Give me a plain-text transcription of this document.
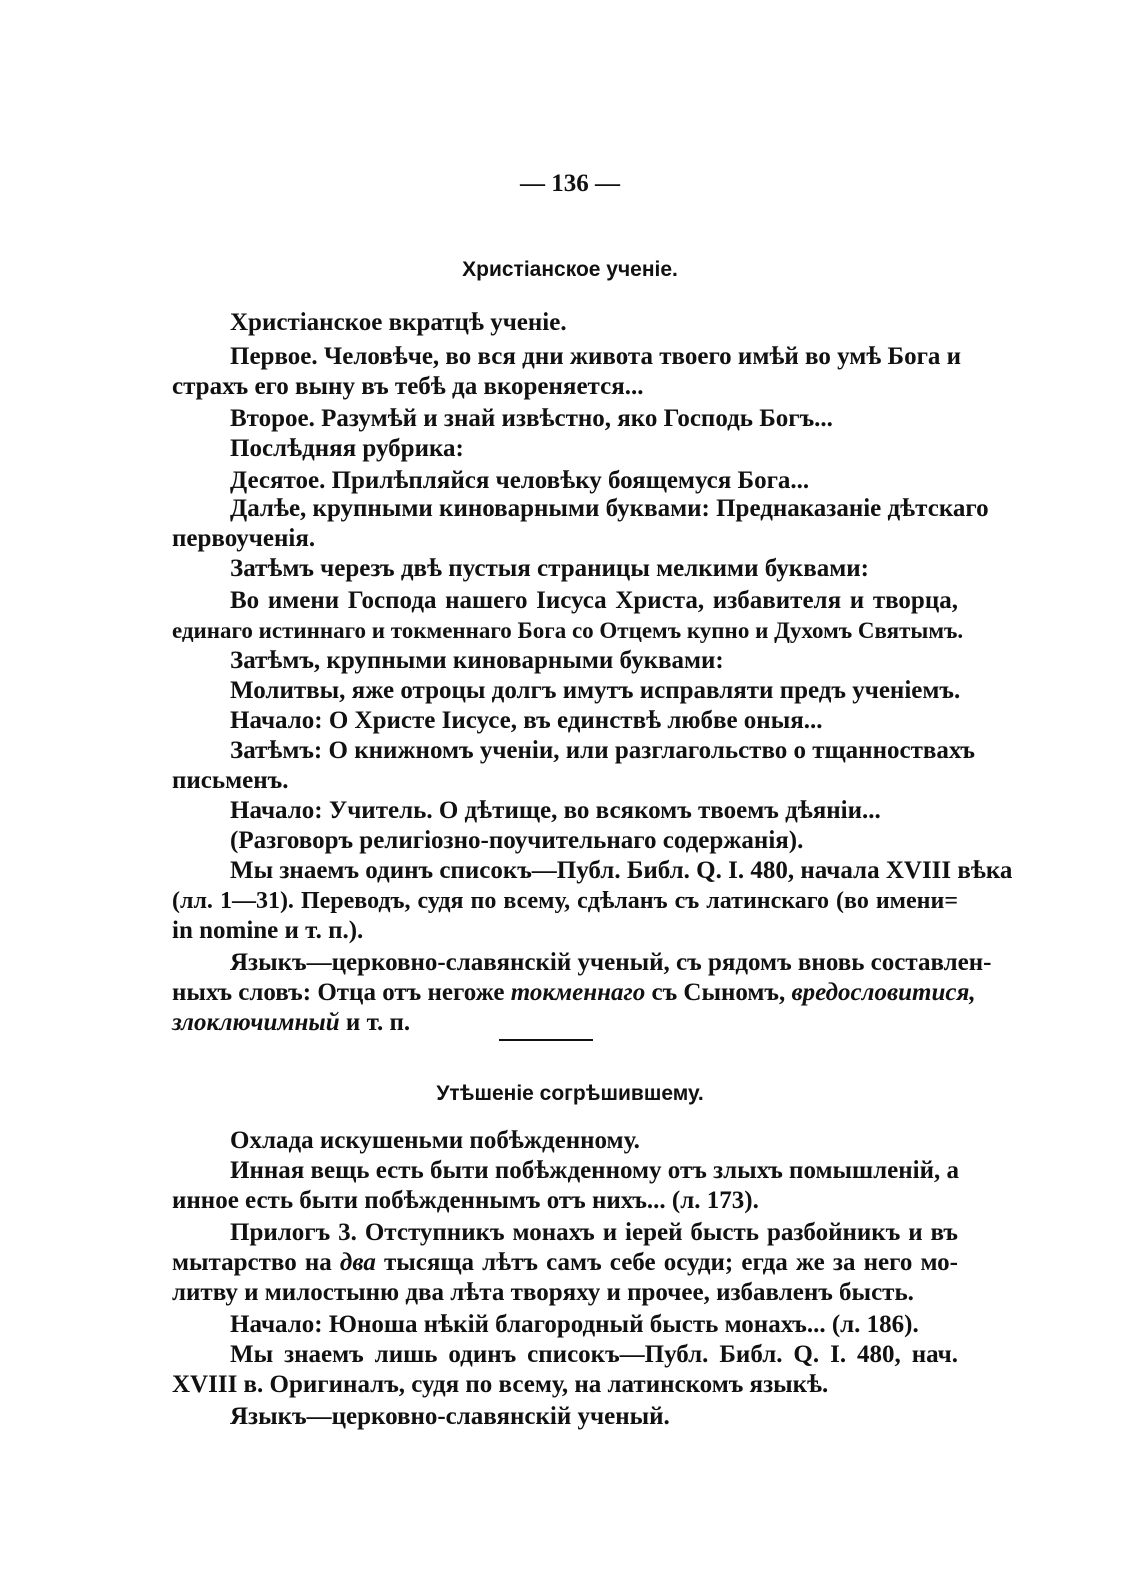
— 136 —
Христіанское ученіе.
Христіанское вкратцѣ ученіе.
Первое. Человѣче, во вся дни живота твоего имѣй во умѣ Бога и
страхъ его выну въ тебѣ да вкореняется...
Второе. Разумѣй и знай извѣстно, яко Господь Богъ...
Послѣдняя рубрика:
Десятое. Прилѣпляйся человѣку боящемуся Бога...
Далѣе, крупными киноварными буквами: Преднаказаніе дѣтскаго
первоученія.
Затѣмъ черезъ двѣ пустыя страницы мелкими буквами:
Во имени Господа нашего Іисуса Христа, избавителя и творца,
единаго истиннаго и токменнаго Бога со Отцемъ купно и Духомъ Святымъ.
Затѣмъ, крупными киноварными буквами:
Молитвы, яже отроцы долгъ имутъ исправляти предъ ученіемъ.
Начало: О Христе Іисусе, въ единствѣ любве оныя...
Затѣмъ: О книжномъ ученіи, или разглагольство о тщанноствахъ
письменъ.
Начало: Учитель. О дѣтище, во всякомъ твоемъ дѣяніи...
(Разговоръ религіозно-поучительнаго содержанія).
Мы знаемъ одинъ списокъ—Публ. Библ. Q. I. 480, начала XVIII вѣка
(лл. 1—31). Переводъ, судя по всему, сдѣланъ съ латинскаго (во имени=
in nomine и т. п.).
Языкъ—церковно-славянскій ученый, съ рядомъ вновь составлен-
ныхъ словъ: Отца отъ негоже токменнаго съ Сыномъ, вредословитися,
злоключимный и т. п.
Утѣшеніе согрѣшившему.
Охлада искушеньми побѣжденному.
Инная вещь есть быти побѣжденному отъ злыхъ помышленій, а
инное есть быти побѣжденнымъ отъ нихъ... (л. 173).
Прилогъ 3. Отступникъ монахъ и іерей бысть разбойникъ и въ
мытарство на два тысяща лѣтъ самъ себе осуди; егда же за него мо-
литву и милостыню два лѣта творяху и прочее, избавленъ бысть.
Начало: Юноша нѣкій благородный бысть монахъ... (л. 186).
Мы знаемъ лишь одинъ списокъ—Публ. Библ. Q. I. 480, нач.
XVIII в. Оригиналъ, судя по всему, на латинскомъ языкѣ.
Языкъ—церковно-славянскій ученый.
